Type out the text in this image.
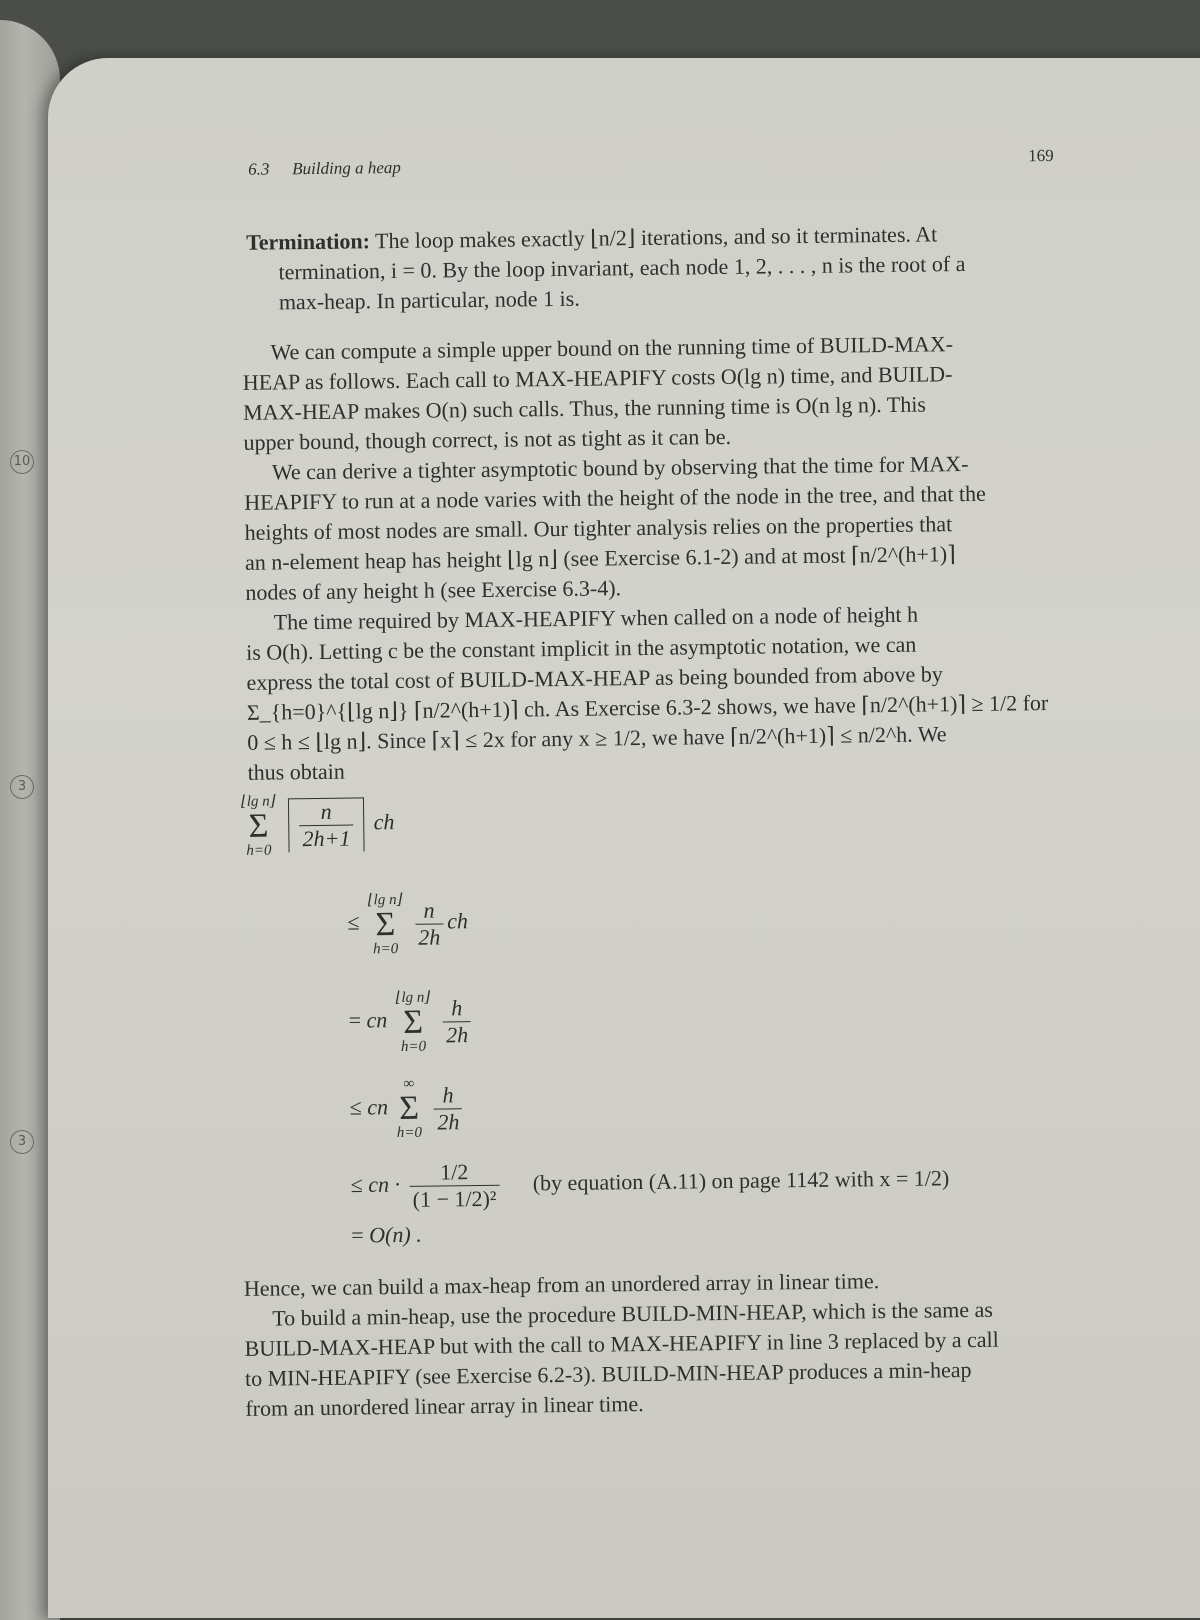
10
3
3
6.3 Building a heap
169
Termination: The loop makes exactly ⌊n/2⌋ iterations, and so it terminates. At
termination, i = 0. By the loop invariant, each node 1, 2, . . . , n is the root of a
max-heap. In particular, node 1 is.
We can compute a simple upper bound on the running time of BUILD-MAX-
HEAP as follows. Each call to MAX-HEAPIFY costs O(lg n) time, and BUILD-
MAX-HEAP makes O(n) such calls. Thus, the running time is O(n lg n). This
upper bound, though correct, is not as tight as it can be.
We can derive a tighter asymptotic bound by observing that the time for MAX-
HEAPIFY to run at a node varies with the height of the node in the tree, and that the
heights of most nodes are small. Our tighter analysis relies on the properties that
an n-element heap has height ⌊lg n⌋ (see Exercise 6.1-2) and at most ⌈n/2^(h+1)⌉
nodes of any height h (see Exercise 6.3-4).
The time required by MAX-HEAPIFY when called on a node of height h
is O(h). Letting c be the constant implicit in the asymptotic notation, we can
express the total cost of BUILD-MAX-HEAP as being bounded from above by
Σ_{h=0}^{⌊lg n⌋} ⌈n/2^(h+1)⌉ ch. As Exercise 6.3-2 shows, we have ⌈n/2^(h+1)⌉ ≥ 1/2 for
0 ≤ h ≤ ⌊lg n⌋. Since ⌈x⌉ ≤ 2x for any x ≥ 1/2, we have ⌈n/2^(h+1)⌉ ≤ n/2^h. We
thus obtain
⌊lg n⌋
Σ
h=0
$\frac{n}{2h+1}$ ch
≤
⌊lg n⌋
Σ
h=0
$\frac{n}{2h}$ ch
= cn
⌊lg n⌋
Σ
h=0
$\frac{h}{2h}$
≤ cn
∞
Σ
h=0
$\frac{h}{2h}$
≤ cn · $\frac{1/2}{\text{(1 − 1/2)²}} (by$ equation (A.11) on page 1142 with x = 1/2)
= O(n) .
Hence, we can build a max-heap from an unordered array in linear time.
To build a min-heap, use the procedure BUILD-MIN-HEAP, which is the same as
BUILD-MAX-HEAP but with the call to MAX-HEAPIFY in line 3 replaced by a call
to MIN-HEAPIFY (see Exercise 6.2-3). BUILD-MIN-HEAP produces a min-heap
from an unordered linear array in linear time.
